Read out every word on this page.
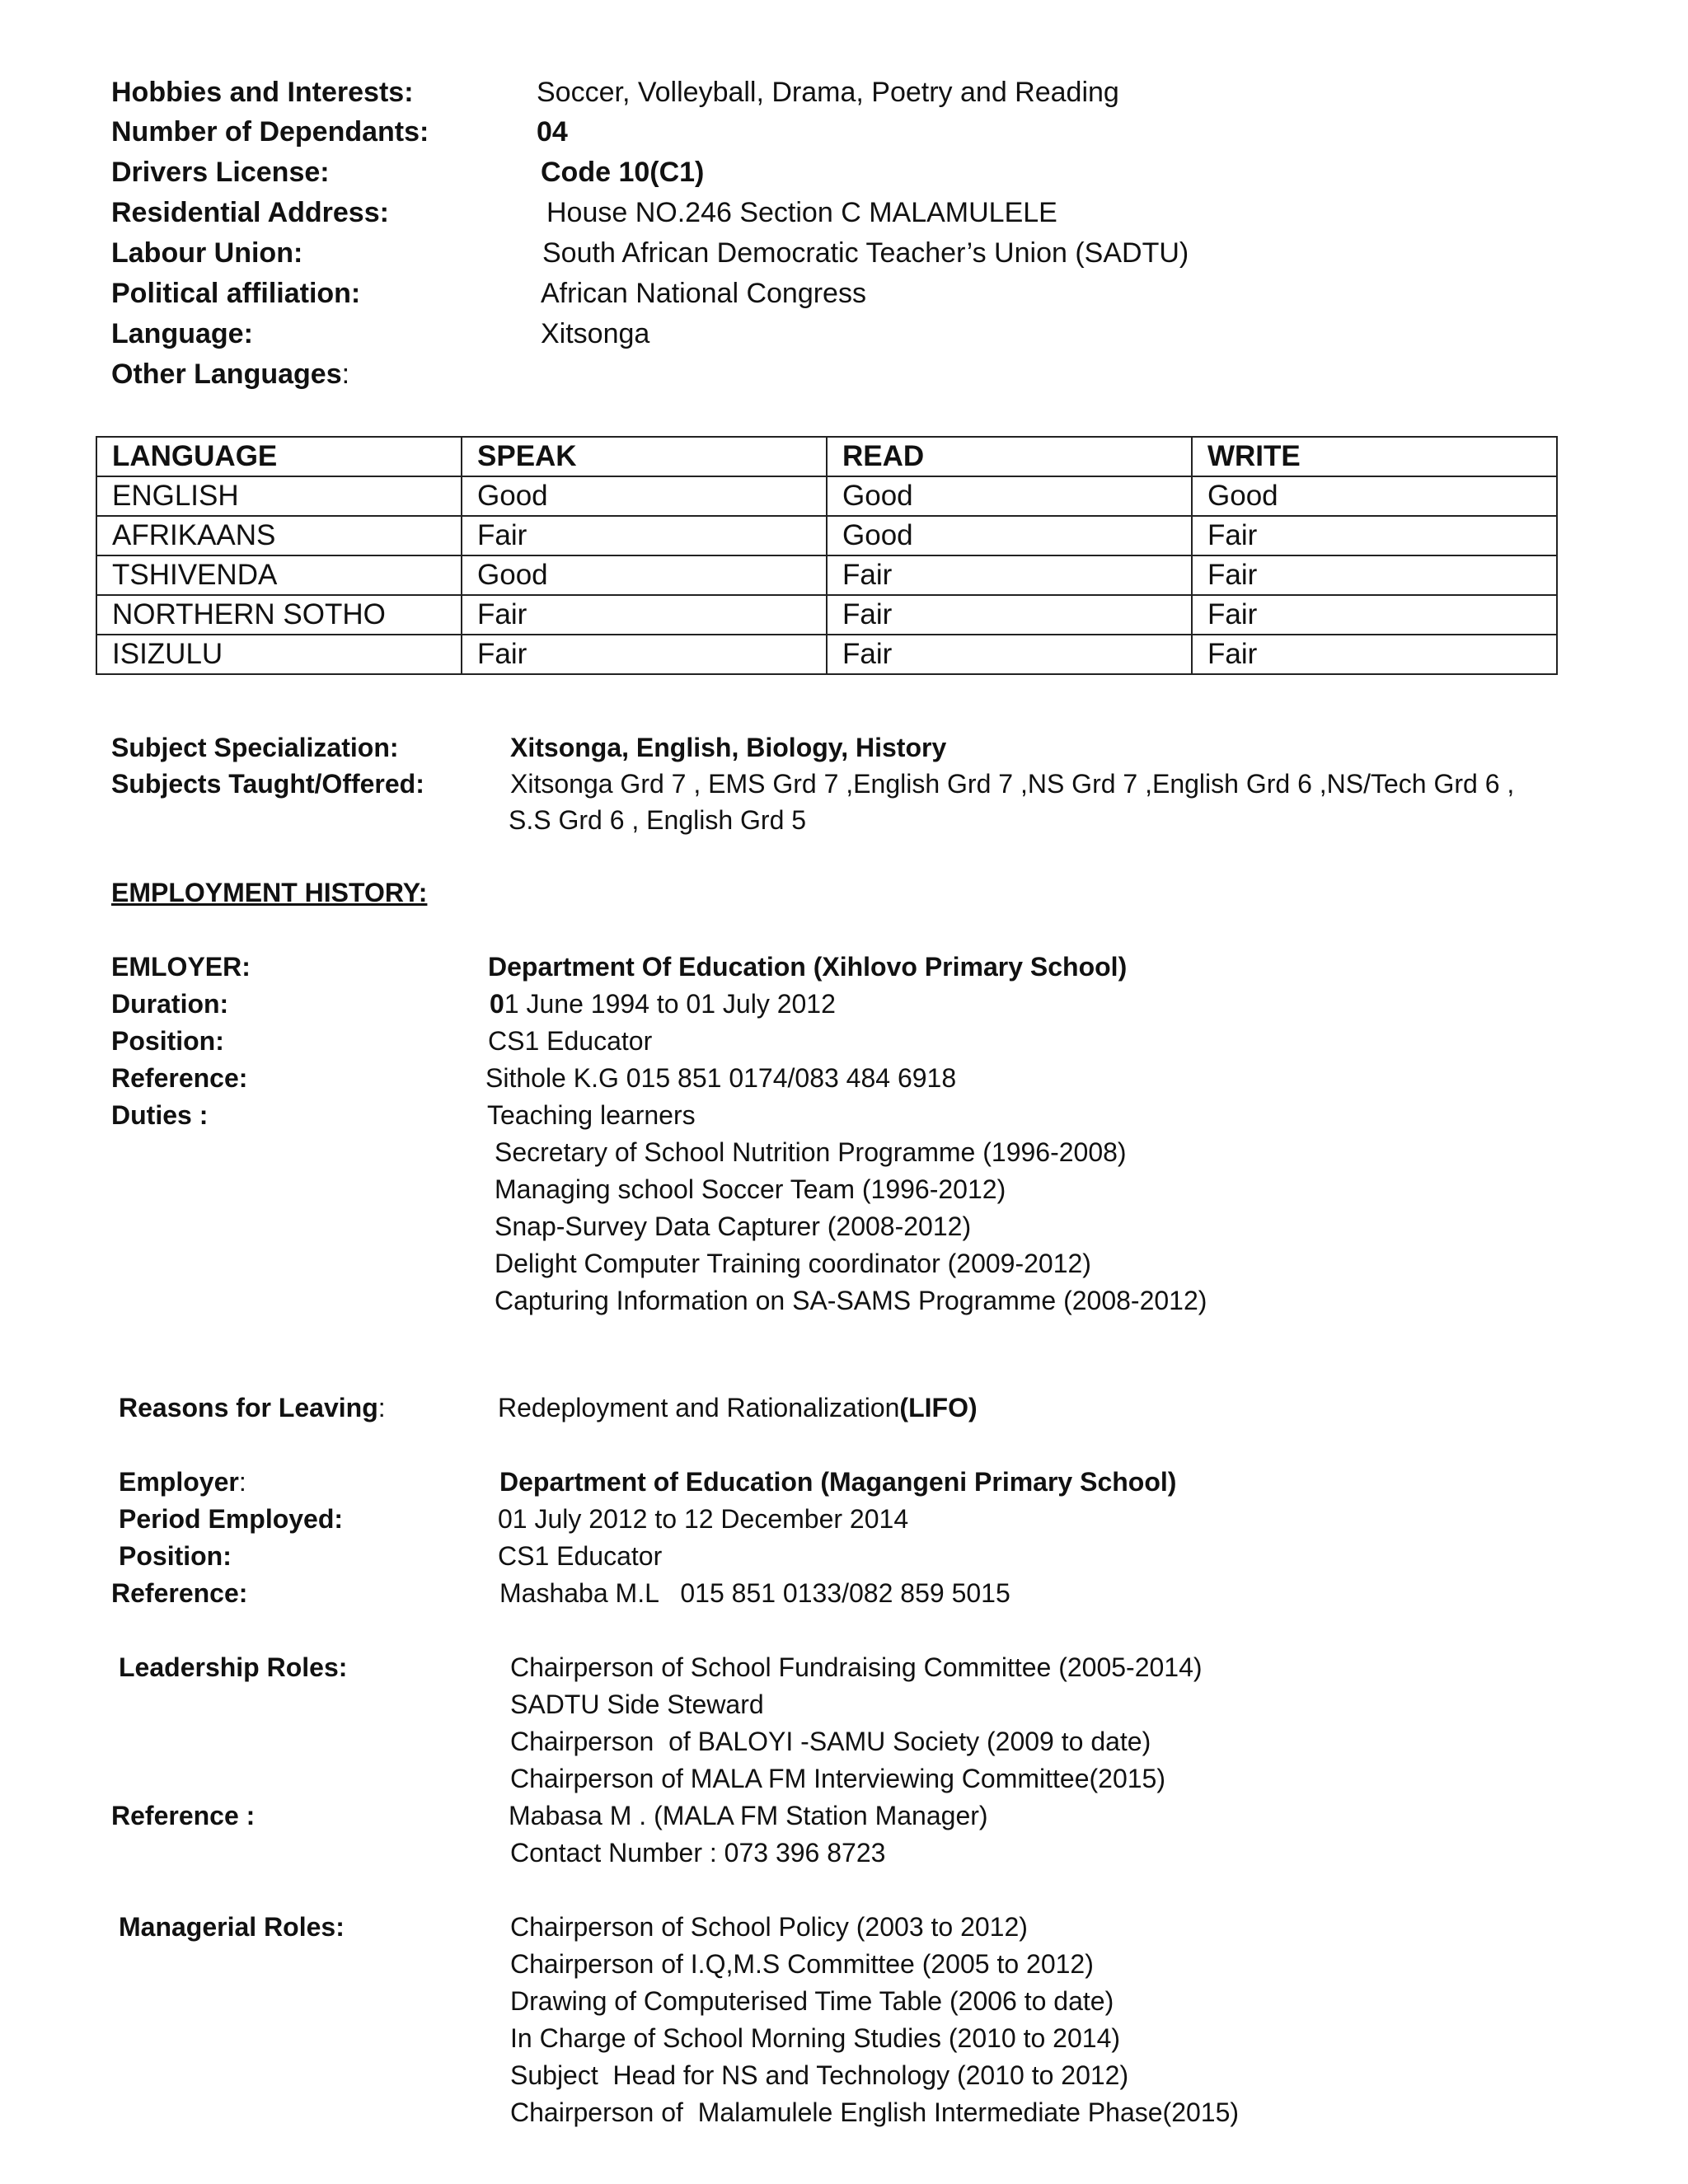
Hobbies and Interests:	Soccer, Volleyball, Drama, Poetry and Reading
Number of Dependants:	04
Drivers License:	Code 10(C1)
Residential Address:	House NO.246 Section C MALAMULELE
Labour Union:	South African Democratic Teacher’s Union (SADTU)
Political affiliation:	African National Congress
Language:	Xitsonga
Other Languages:
LANGUAGE	SPEAK	READ	WRITE
ENGLISH	Good	Good	Good
AFRIKAANS	Fair	Good	Fair
TSHIVENDA	Good	Fair	Fair
NORTHERN SOTHO	Fair	Fair	Fair
ISIZULU	Fair	Fair	Fair
Subject Specialization:	Xitsonga, English, Biology, History
Subjects Taught/Offered:	Xitsonga Grd 7 , EMS Grd 7 ,English Grd 7 ,NS Grd 7 ,English Grd 6 ,NS/Tech Grd 6 ,
S.S Grd 6 , English Grd 5
EMPLOYMENT HISTORY:
EMLOYER:	Department Of Education (Xihlovo Primary School)
Duration:	01 June 1994 to 01 July 2012
Position:	CS1 Educator
Reference:	Sithole K.G 015 851 0174/083 484 6918
Duties :	Teaching learners
Secretary of School Nutrition Programme (1996-2008)
Managing school Soccer Team (1996-2012)
Snap-Survey Data Capturer (2008-2012)
Delight Computer Training coordinator (2009-2012)
Capturing Information on SA-SAMS Programme (2008-2012)
Reasons for Leaving:	Redeployment and Rationalization(LIFO)
Employer:	Department of Education (Magangeni Primary School)
Period Employed:	01 July 2012 to 12 December 2014
Position:	CS1 Educator
Reference:	Mashaba M.L   015 851 0133/082 859 5015
Leadership Roles:	Chairperson of School Fundraising Committee (2005-2014)
SADTU Side Steward
Chairperson  of BALOYI -SAMU Society (2009 to date)
Chairperson of MALA FM Interviewing Committee(2015)
Reference :	Mabasa M . (MALA FM Station Manager)
Contact Number : 073 396 8723
Managerial Roles:	Chairperson of School Policy (2003 to 2012)
Chairperson of I.Q,M.S Committee (2005 to 2012)
Drawing of Computerised Time Table (2006 to date)
In Charge of School Morning Studies (2010 to 2014)
Subject  Head for NS and Technology (2010 to 2012)
Chairperson of  Malamulele English Intermediate Phase(2015)
